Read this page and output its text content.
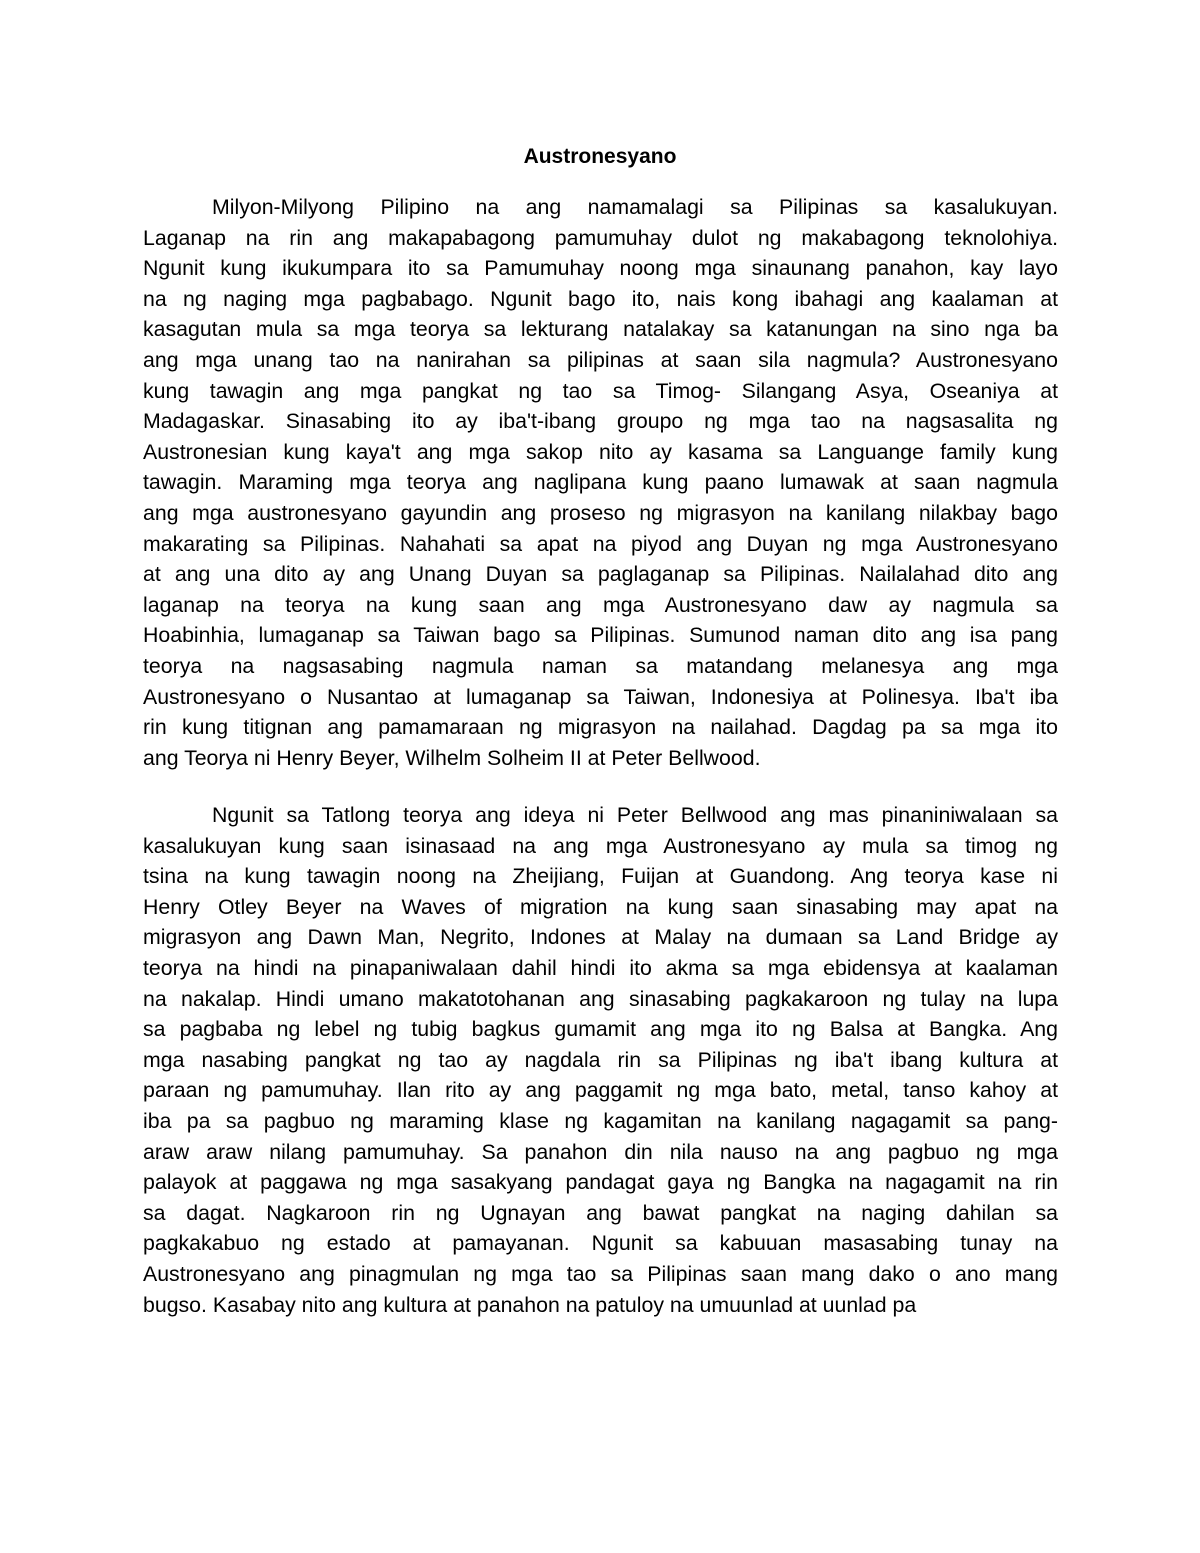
Austronesyano
Milyon-Milyong Pilipino na ang namamalagi sa Pilipinas sa kasalukuyan.
Laganap na rin ang makapabagong pamumuhay dulot ng makabagong teknolohiya.
Ngunit kung ikukumpara ito sa Pamumuhay noong mga sinaunang panahon, kay layo
na ng naging mga pagbabago. Ngunit bago ito, nais kong ibahagi ang kaalaman at
kasagutan mula sa mga teorya sa lekturang natalakay sa katanungan na sino nga ba
ang mga unang tao na nanirahan sa pilipinas at saan sila nagmula? Austronesyano
kung tawagin ang mga pangkat ng tao sa Timog- Silangang Asya, Oseaniya at
Madagaskar. Sinasabing ito ay iba't-ibang groupo ng mga tao na nagsasalita ng
Austronesian kung kaya't ang mga sakop nito ay kasama sa Languange family kung
tawagin. Maraming mga teorya ang naglipana kung paano lumawak at saan nagmula
ang mga austronesyano gayundin ang proseso ng migrasyon na kanilang nilakbay bago
makarating sa Pilipinas. Nahahati sa apat na piyod ang Duyan ng mga Austronesyano
at ang una dito ay ang Unang Duyan sa paglaganap sa Pilipinas. Nailalahad dito ang
laganap na teorya na kung saan ang mga Austronesyano daw ay nagmula sa
Hoabinhia, lumaganap sa Taiwan bago sa Pilipinas. Sumunod naman dito ang isa pang
teorya na nagsasabing nagmula naman sa matandang melanesya ang mga
Austronesyano o Nusantao at lumaganap sa Taiwan, Indonesiya at Polinesya. Iba't iba
rin kung titignan ang pamamaraan ng migrasyon na nailahad. Dagdag pa sa mga ito
ang Teorya ni Henry Beyer, Wilhelm Solheim II at Peter Bellwood.
Ngunit sa Tatlong teorya ang ideya ni Peter Bellwood ang mas pinaniniwalaan sa
kasalukuyan kung saan isinasaad na ang mga Austronesyano ay mula sa timog ng
tsina na kung tawagin noong na Zheijiang, Fuijan at Guandong. Ang teorya kase ni
Henry Otley Beyer na Waves of migration na kung saan sinasabing may apat na
migrasyon ang Dawn Man, Negrito, Indones at Malay na dumaan sa Land Bridge ay
teorya na hindi na pinapaniwalaan dahil hindi ito akma sa mga ebidensya at kaalaman
na nakalap. Hindi umano makatotohanan ang sinasabing pagkakaroon ng tulay na lupa
sa pagbaba ng lebel ng tubig bagkus gumamit ang mga ito ng Balsa at Bangka. Ang
mga nasabing pangkat ng tao ay nagdala rin sa Pilipinas ng iba't ibang kultura at
paraan ng pamumuhay. Ilan rito ay ang paggamit ng mga bato, metal, tanso kahoy at
iba pa sa pagbuo ng maraming klase ng kagamitan na kanilang nagagamit sa pang-
araw araw nilang pamumuhay. Sa panahon din nila nauso na ang pagbuo ng mga
palayok at paggawa ng mga sasakyang pandagat gaya ng Bangka na nagagamit na rin
sa dagat. Nagkaroon rin ng Ugnayan ang bawat pangkat na naging dahilan sa
pagkakabuo ng estado at pamayanan. Ngunit sa kabuuan masasabing tunay na
Austronesyano ang pinagmulan ng mga tao sa Pilipinas saan mang dako o ano mang
bugso. Kasabay nito ang kultura at panahon na patuloy na umuunlad at uunlad pa
